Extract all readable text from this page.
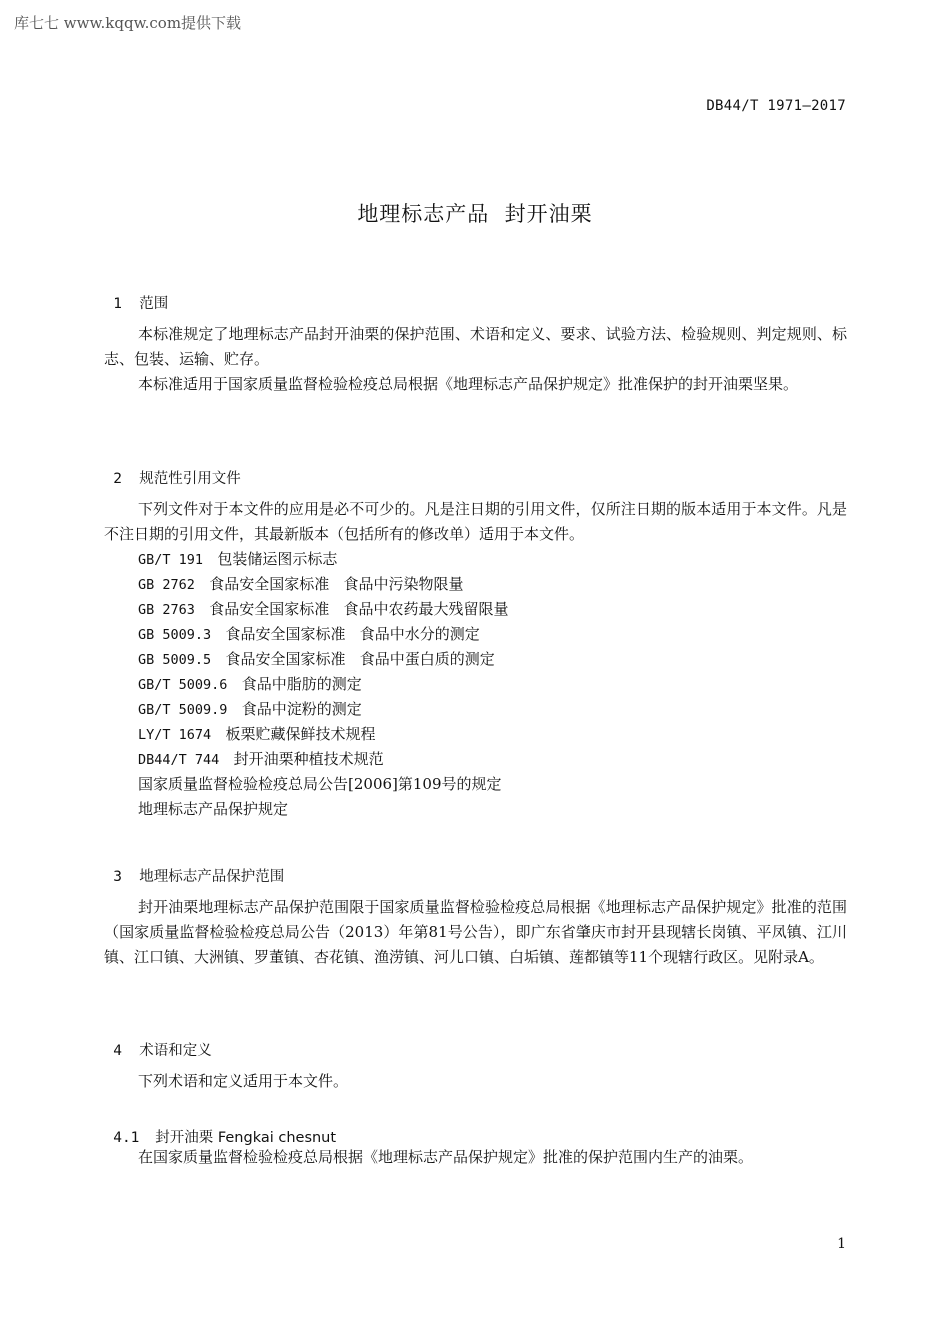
库七七 www.kqqw.com提供下载
DB44/T 1971—2017
地理标志产品  封开油栗

1 范围

本标准规定了地理标志产品封开油栗的保护范围、术语和定义、要求、试验方法、检验规则、判定规则、标志、包装、运输、贮存。

本标准适用于国家质量监督检验检疫总局根据《地理标志产品保护规定》批准保护的封开油栗坚果。

2 规范性引用文件

下列文件对于本文件的应用是必不可少的。凡是注日期的引用文件，仅所注日期的版本适用于本文件。凡是不注日期的引用文件，其最新版本（包括所有的修改单）适用于本文件。

GB/T 191 包装储运图示标志
GB 2762 食品安全国家标准   食品中污染物限量
GB 2763 食品安全国家标准   食品中农药最大残留限量
GB 5009.3 食品安全国家标准   食品中水分的测定
GB 5009.5 食品安全国家标准   食品中蛋白质的测定
GB/T 5009.6 食品中脂肪的测定
GB/T 5009.9 食品中淀粉的测定
LY/T 1674 板栗贮藏保鲜技术规程
DB44/T 744 封开油栗种植技术规范
国家质量监督检验检疫总局公告[2006]第109号的规定
地理标志产品保护规定

3 地理标志产品保护范围

封开油栗地理标志产品保护范围限于国家质量监督检验检疫总局根据《地理标志产品保护规定》批准的范围（国家质量监督检验检疫总局公告（2013）年第81号公告），即广东省肇庆市封开县现辖长岗镇、平凤镇、江川镇、江口镇、大洲镇、罗董镇、杏花镇、渔涝镇、河儿口镇、白垢镇、莲都镇等11个现辖行政区。见附录A。

4 术语和定义

下列术语和定义适用于本文件。

4.1 封开油栗 Fengkai chesnut

在国家质量监督检验检疫总局根据《地理标志产品保护规定》批准的保护范围内生产的油栗。

1
